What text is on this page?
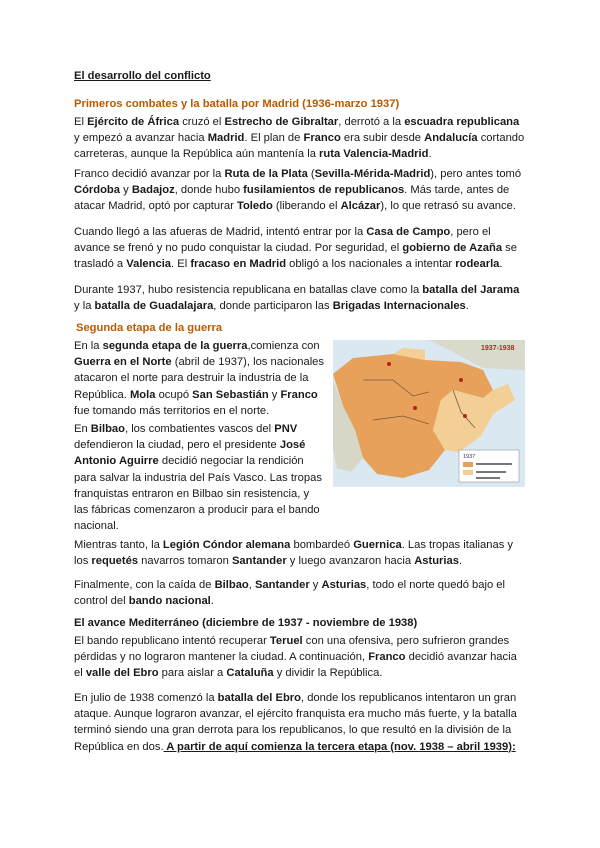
El desarrollo del conflicto

Primeros combates y la batalla por Madrid (1936-marzo 1937)

El Ejército de África cruzó el Estrecho de Gibraltar, derrotó a la escuadra republicana y empezó a avanzar hacia Madrid. El plan de Franco era subir desde Andalucía cortando carreteras, aunque la República aún mantenía la ruta Valencia-Madrid.

Franco decidió avanzar por la Ruta de la Plata (Sevilla-Mérida-Madrid), pero antes tomó Córdoba y Badajoz, donde hubo fusilamientos de republicanos. Más tarde, antes de atacar Madrid, optó por capturar Toledo (liberando el Alcázar), lo que retrasó su avance.

Cuando llegó a las afueras de Madrid, intentó entrar por la Casa de Campo, pero el avance se frenó y no pudo conquistar la ciudad. Por seguridad, el gobierno de Azaña se trasladó a Valencia. El fracaso en Madrid obligó a los nacionales a intentar rodearla.

Durante 1937, hubo resistencia republicana en batallas clave como la batalla del Jarama y la batalla de Guadalajara, donde participaron las Brigadas Internacionales.

Segunda etapa de la guerra

En la segunda etapa de la guerra,comienza con Guerra en el Norte (abril de 1937), los nacionales atacaron el norte para destruir la industria de la República. Mola ocupó San Sebastián y Franco fue tomando más territorios en el norte.

En Bilbao, los combatientes vascos del PNV defendieron la ciudad, pero el presidente José Antonio Aguirre decidió negociar la rendición para salvar la industria del País Vasco. Las tropas franquistas entraron en Bilbao sin resistencia, y las fábricas comenzaron a producir para el bando nacional.

1937-1938
1937

Mientras tanto, la Legión Cóndor alemana bombardeó Guernica. Las tropas italianas y los requetés navarros tomaron Santander y luego avanzaron hacia Asturias.

Finalmente, con la caída de Bilbao, Santander y Asturias, todo el norte quedó bajo el control del bando nacional.

El avance Mediterráneo (diciembre de 1937 - noviembre de 1938)

El bando republicano intentó recuperar Teruel con una ofensiva, pero sufrieron grandes pérdidas y no lograron mantener la ciudad. A continuación, Franco decidió avanzar hacia el valle del Ebro para aislar a Cataluña y dividir la República.

En julio de 1938 comenzó la batalla del Ebro, donde los republicanos intentaron un gran ataque. Aunque lograron avanzar, el ejército franquista era mucho más fuerte, y la batalla terminó siendo una gran derrota para los republicanos, lo que resultó en la división de la República en dos. A partir de aquí comienza la tercera etapa (nov. 1938 – abril 1939):
